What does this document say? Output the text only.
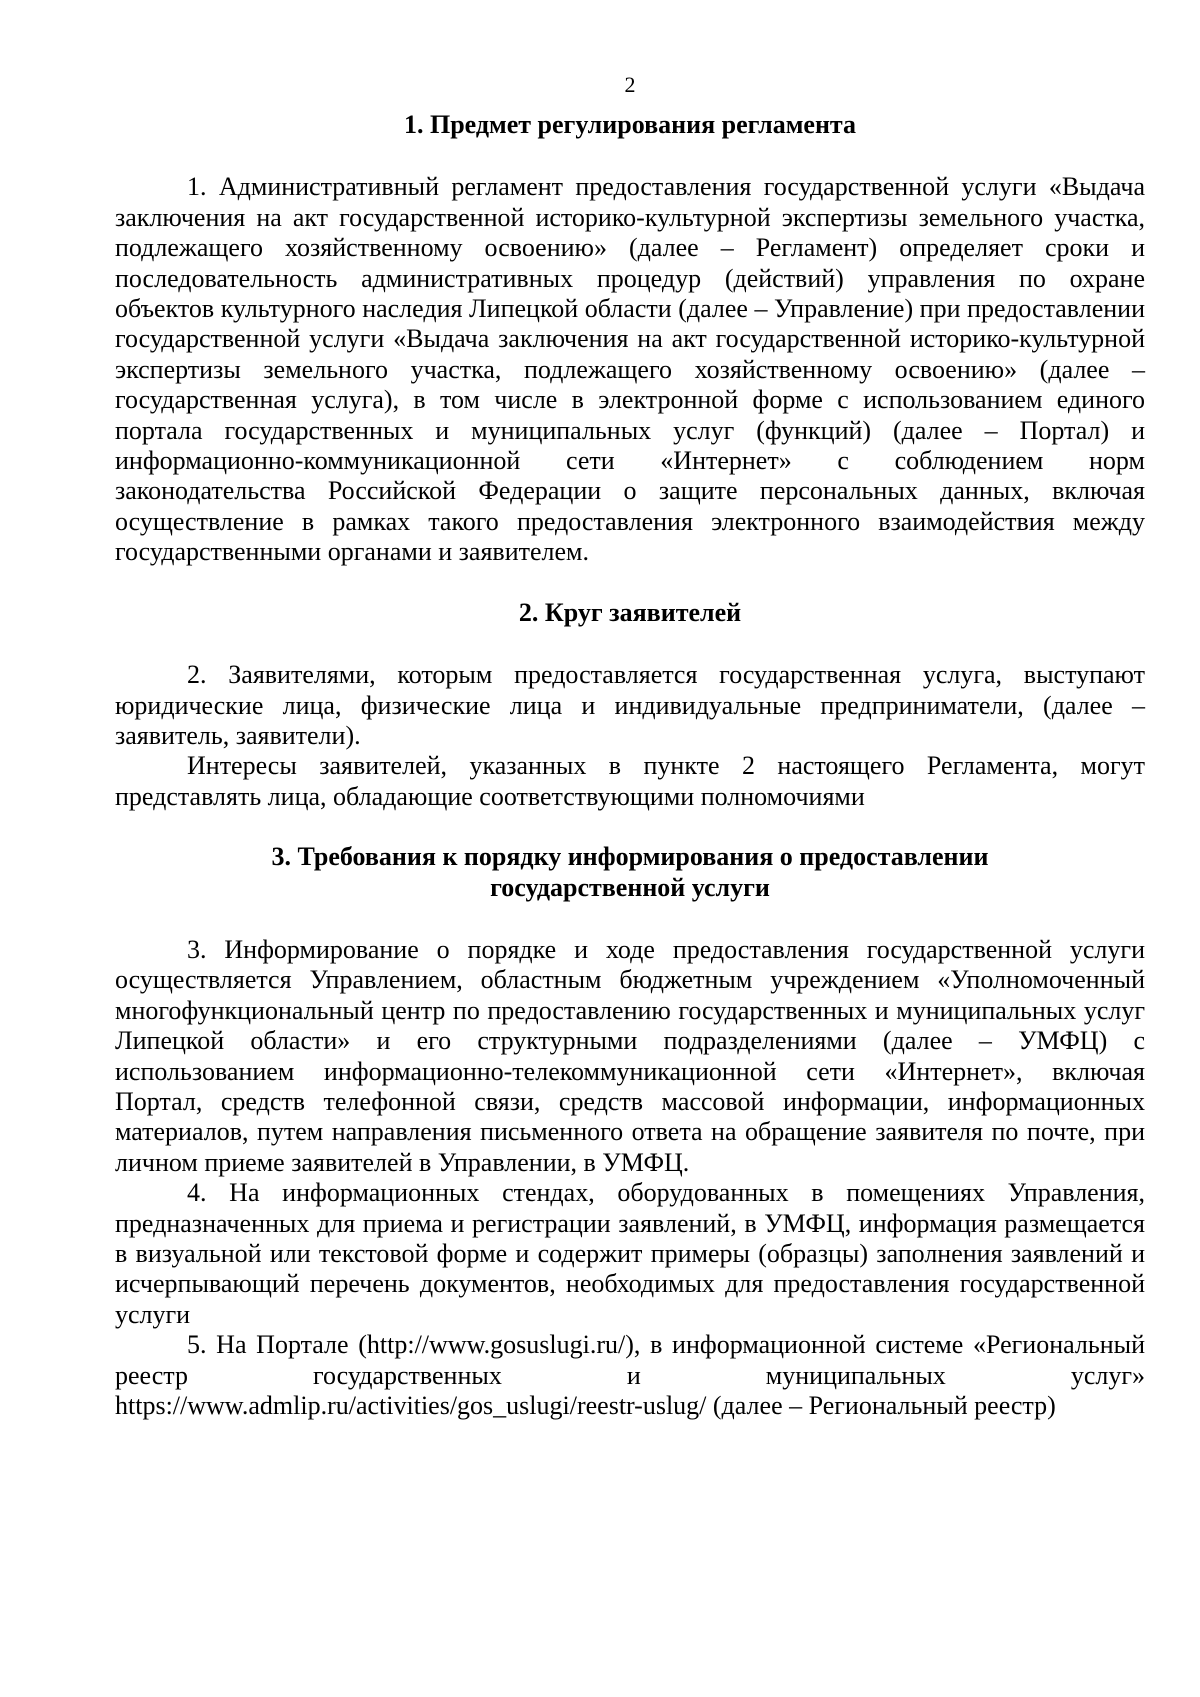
2
1. Предмет регулирования регламента

1. Административный регламент предоставления государственной услуги «Выдача заключения на акт государственной историко-культурной экспертизы земельного участка, подлежащего хозяйственному освоению» (далее – Регламент) определяет сроки и последовательность административных процедур (действий) управления по охране объектов культурного наследия Липецкой области (далее – Управление) при предоставлении государственной услуги «Выдача заключения на акт государственной историко-культурной экспертизы земельного участка, подлежащего хозяйственному освоению» (далее – государственная услуга), в том числе в электронной форме с использованием единого портала государственных и муниципальных услуг (функций) (далее – Портал) и информационно-коммуникационной сети «Интернет» с соблюдением норм законодательства Российской Федерации о защите персональных данных, включая осуществление в рамках такого предоставления электронного взаимодействия между государственными органами и заявителем.

2. Круг заявителей

2. Заявителями, которым предоставляется государственная услуга, выступают юридические лица, физические лица и индивидуальные предприниматели, (далее – заявитель, заявители).

Интересы заявителей, указанных в пункте 2 настоящего Регламента, могут представлять лица, обладающие соответствующими полномочиями

3. Требования к порядку информирования о предоставлении
государственной услуги

3. Информирование о порядке и ходе предоставления государственной услуги осуществляется Управлением, областным бюджетным учреждением «Уполномоченный многофункциональный центр по предоставлению государственных и муниципальных услуг Липецкой области» и его структурными подразделениями (далее – УМФЦ) с использованием информационно-телекоммуникационной сети «Интернет», включая Портал, средств телефонной связи, средств массовой информации, информационных материалов, путем направления письменного ответа на обращение заявителя по почте, при личном приеме заявителей в Управлении, в УМФЦ.

4. На информационных стендах, оборудованных в помещениях Управления, предназначенных для приема и регистрации заявлений, в УМФЦ, информация размещается в визуальной или текстовой форме и содержит примеры (образцы) заполнения заявлений и исчерпывающий перечень документов, необходимых для предоставления государственной услуги

5. На Портале (http://www.gosuslugi.ru/), в информационной системе «Региональный реестр государственных и муниципальных услуг» https://www.admlip.ru/activities/gos_uslugi/reestr-uslug/ (далее – Региональный реестр)
